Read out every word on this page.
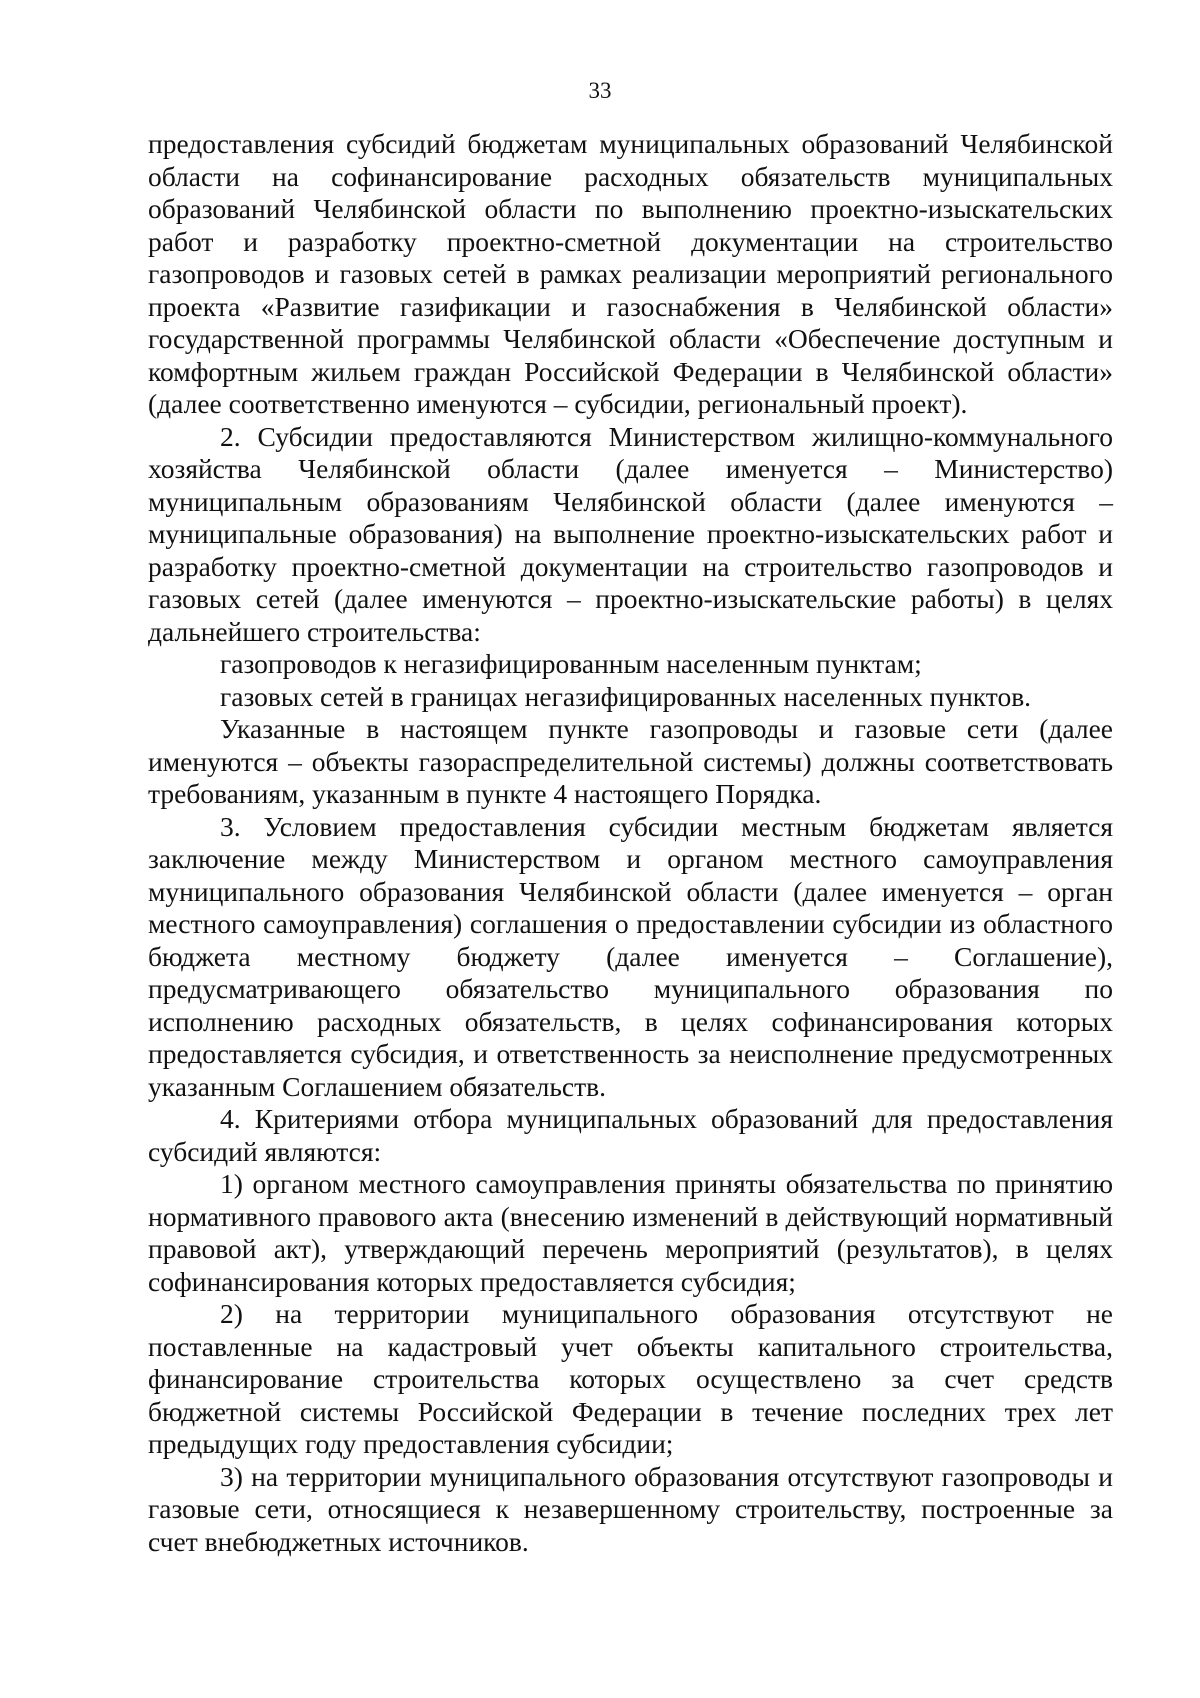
33

предоставления субсидий бюджетам муниципальных образований Челябинской области на софинансирование расходных обязательств муниципальных образований Челябинской области по выполнению проектно-изыскательских работ и разработку проектно-сметной документации на строительство газопроводов и газовых сетей в рамках реализации мероприятий регионального проекта «Развитие газификации и газоснабжения в Челябинской области» государственной программы Челябинской области «Обеспечение доступным и комфортным жильем граждан Российской Федерации в Челябинской области» (далее соответственно именуются – субсидии, региональный проект).

2. Субсидии предоставляются Министерством жилищно-коммунального хозяйства Челябинской области (далее именуется – Министерство) муниципальным образованиям Челябинской области (далее именуются – муниципальные образования) на выполнение проектно-изыскательских работ и разработку проектно-сметной документации на строительство газопроводов и газовых сетей (далее именуются – проектно-изыскательские работы) в целях дальнейшего строительства:

газопроводов к негазифицированным населенным пунктам;

газовых сетей в границах негазифицированных населенных пунктов.

Указанные в настоящем пункте газопроводы и газовые сети (далее именуются – объекты газораспределительной системы) должны соответствовать требованиям, указанным в пункте 4 настоящего Порядка.

3. Условием предоставления субсидии местным бюджетам является заключение между Министерством и органом местного самоуправления муниципального образования Челябинской области (далее именуется – орган местного самоуправления) соглашения о предоставлении субсидии из областного бюджета местному бюджету (далее именуется – Соглашение), предусматривающего обязательство муниципального образования по исполнению расходных обязательств, в целях софинансирования которых предоставляется субсидия, и ответственность за неисполнение предусмотренных указанным Соглашением обязательств.

4. Критериями отбора муниципальных образований для предоставления субсидий являются:

1) органом местного самоуправления приняты обязательства по принятию нормативного правового акта (внесению изменений в действующий нормативный правовой акт), утверждающий перечень мероприятий (результатов), в целях софинансирования которых предоставляется субсидия;

2) на территории муниципального образования отсутствуют не поставленные на кадастровый учет объекты капитального строительства, финансирование строительства которых осуществлено за счет средств бюджетной системы Российской Федерации в течение последних трех лет предыдущих году предоставления субсидии;

3) на территории муниципального образования отсутствуют газопроводы и газовые сети, относящиеся к незавершенному строительству, построенные за счет внебюджетных источников.
